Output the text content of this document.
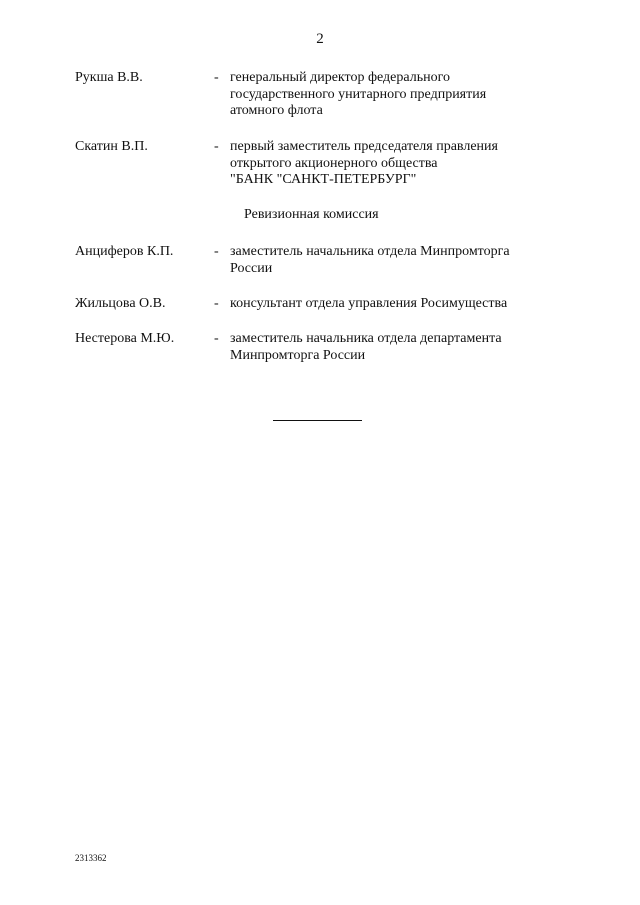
2
Рукша В.В.	- генеральный директор федерального
государственного унитарного предприятия
атомного флота
Скатин В.П.	- первый заместитель председателя правления
открытого акционерного общества
"БАНК "САНКТ-ПЕТЕРБУРГ"
Ревизионная комиссия
Анциферов К.П.	- заместитель начальника отдела Минпромторга
России
Жильцова О.В.	- консультант отдела управления Росимущества
Нестерова М.Ю.	- заместитель начальника отдела департамента
Минпромторга России
2313362
